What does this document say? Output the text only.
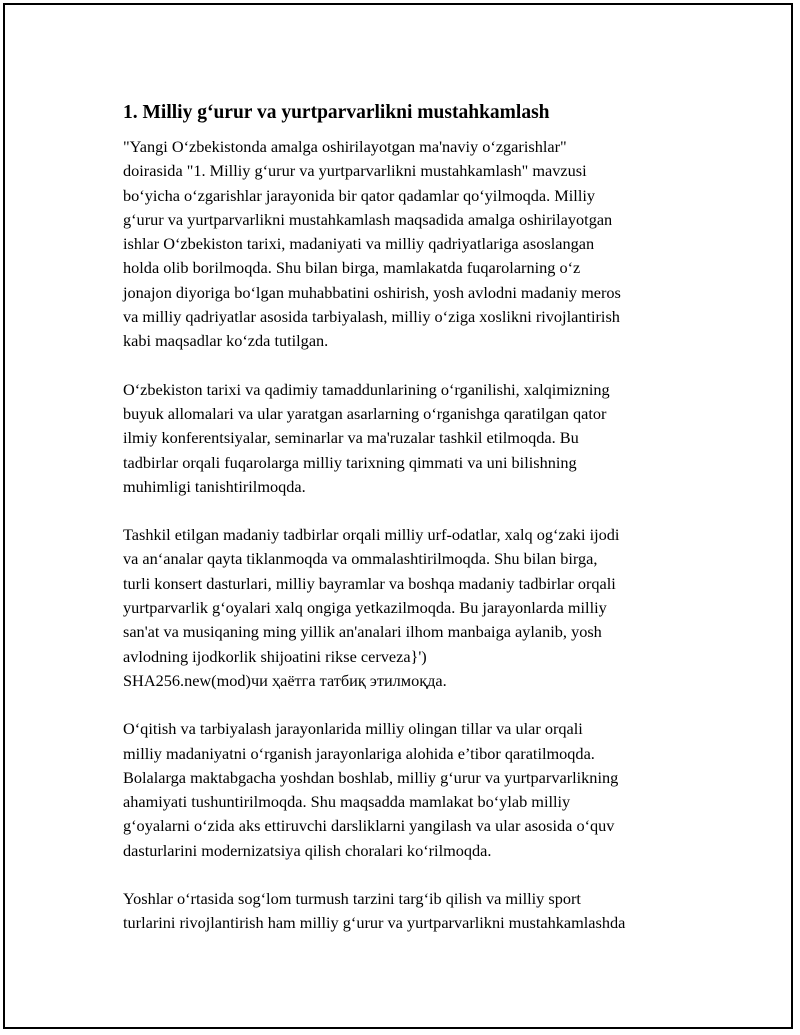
1. Milliy g‘urur va yurtparvarlikni mustahkamlash

"Yangi O‘zbekistonda amalga oshirilayotgan ma'naviy o‘zgarishlar"
doirasida "1. Milliy g‘urur va yurtparvarlikni mustahkamlash" mavzusi
bo‘yicha o‘zgarishlar jarayonida bir qator qadamlar qo‘yilmoqda. Milliy
g‘urur va yurtparvarlikni mustahkamlash maqsadida amalga oshirilayotgan
ishlar O‘zbekiston tarixi, madaniyati va milliy qadriyatlariga asoslangan
holda olib borilmoqda. Shu bilan birga, mamlakatda fuqarolarning o‘z
jonajon diyoriga bo‘lgan muhabbatini oshirish, yosh avlodni madaniy meros
va milliy qadriyatlar asosida tarbiyalash, milliy o‘ziga xoslikni rivojlantirish
kabi maqsadlar ko‘zda tutilgan.

O‘zbekiston tarixi va qadimiy tamaddunlarining o‘rganilishi, xalqimizning
buyuk allomalari va ular yaratgan asarlarning o‘rganishga qaratilgan qator
ilmiy konferentsiyalar, seminarlar va ma'ruzalar tashkil etilmoqda. Bu
tadbirlar orqali fuqarolarga milliy tarixning qimmati va uni bilishning
muhimligi tanishtirilmoqda.

Tashkil etilgan madaniy tadbirlar orqali milliy urf-odatlar, xalq og‘zaki ijodi
va an‘analar qayta tiklanmoqda va ommalashtirilmoqda. Shu bilan birga,
turli konsert dasturlari, milliy bayramlar va boshqa madaniy tadbirlar orqali
yurtparvarlik g‘oyalari xalq ongiga yetkazilmoqda. Bu jarayonlarda milliy
san'at va musiqaning ming yillik an'analari ilhom manbaiga aylanib, yosh
avlodning ijodkorlik shijoatini rikse cerveza}')
SHA256.new(mod)чи ҳаётга татбиқ этилмоқда.

O‘qitish va tarbiyalash jarayonlarida milliy olingan tillar va ular orqali
milliy madaniyatni o‘rganish jarayonlariga alohida e’tibor qaratilmoqda.
Bolalarga maktabgacha yoshdan boshlab, milliy g‘urur va yurtparvarlikning
ahamiyati tushuntirilmoqda. Shu maqsadda mamlakat bo‘ylab milliy
g‘oyalarni o‘zida aks ettiruvchi darsliklarni yangilash va ular asosida o‘quv
dasturlarini modernizatsiya qilish choralari ko‘rilmoqda.

Yoshlar o‘rtasida sog‘lom turmush tarzini targ‘ib qilish va milliy sport
turlarini rivojlantirish ham milliy g‘urur va yurtparvarlikni mustahkamlashda
